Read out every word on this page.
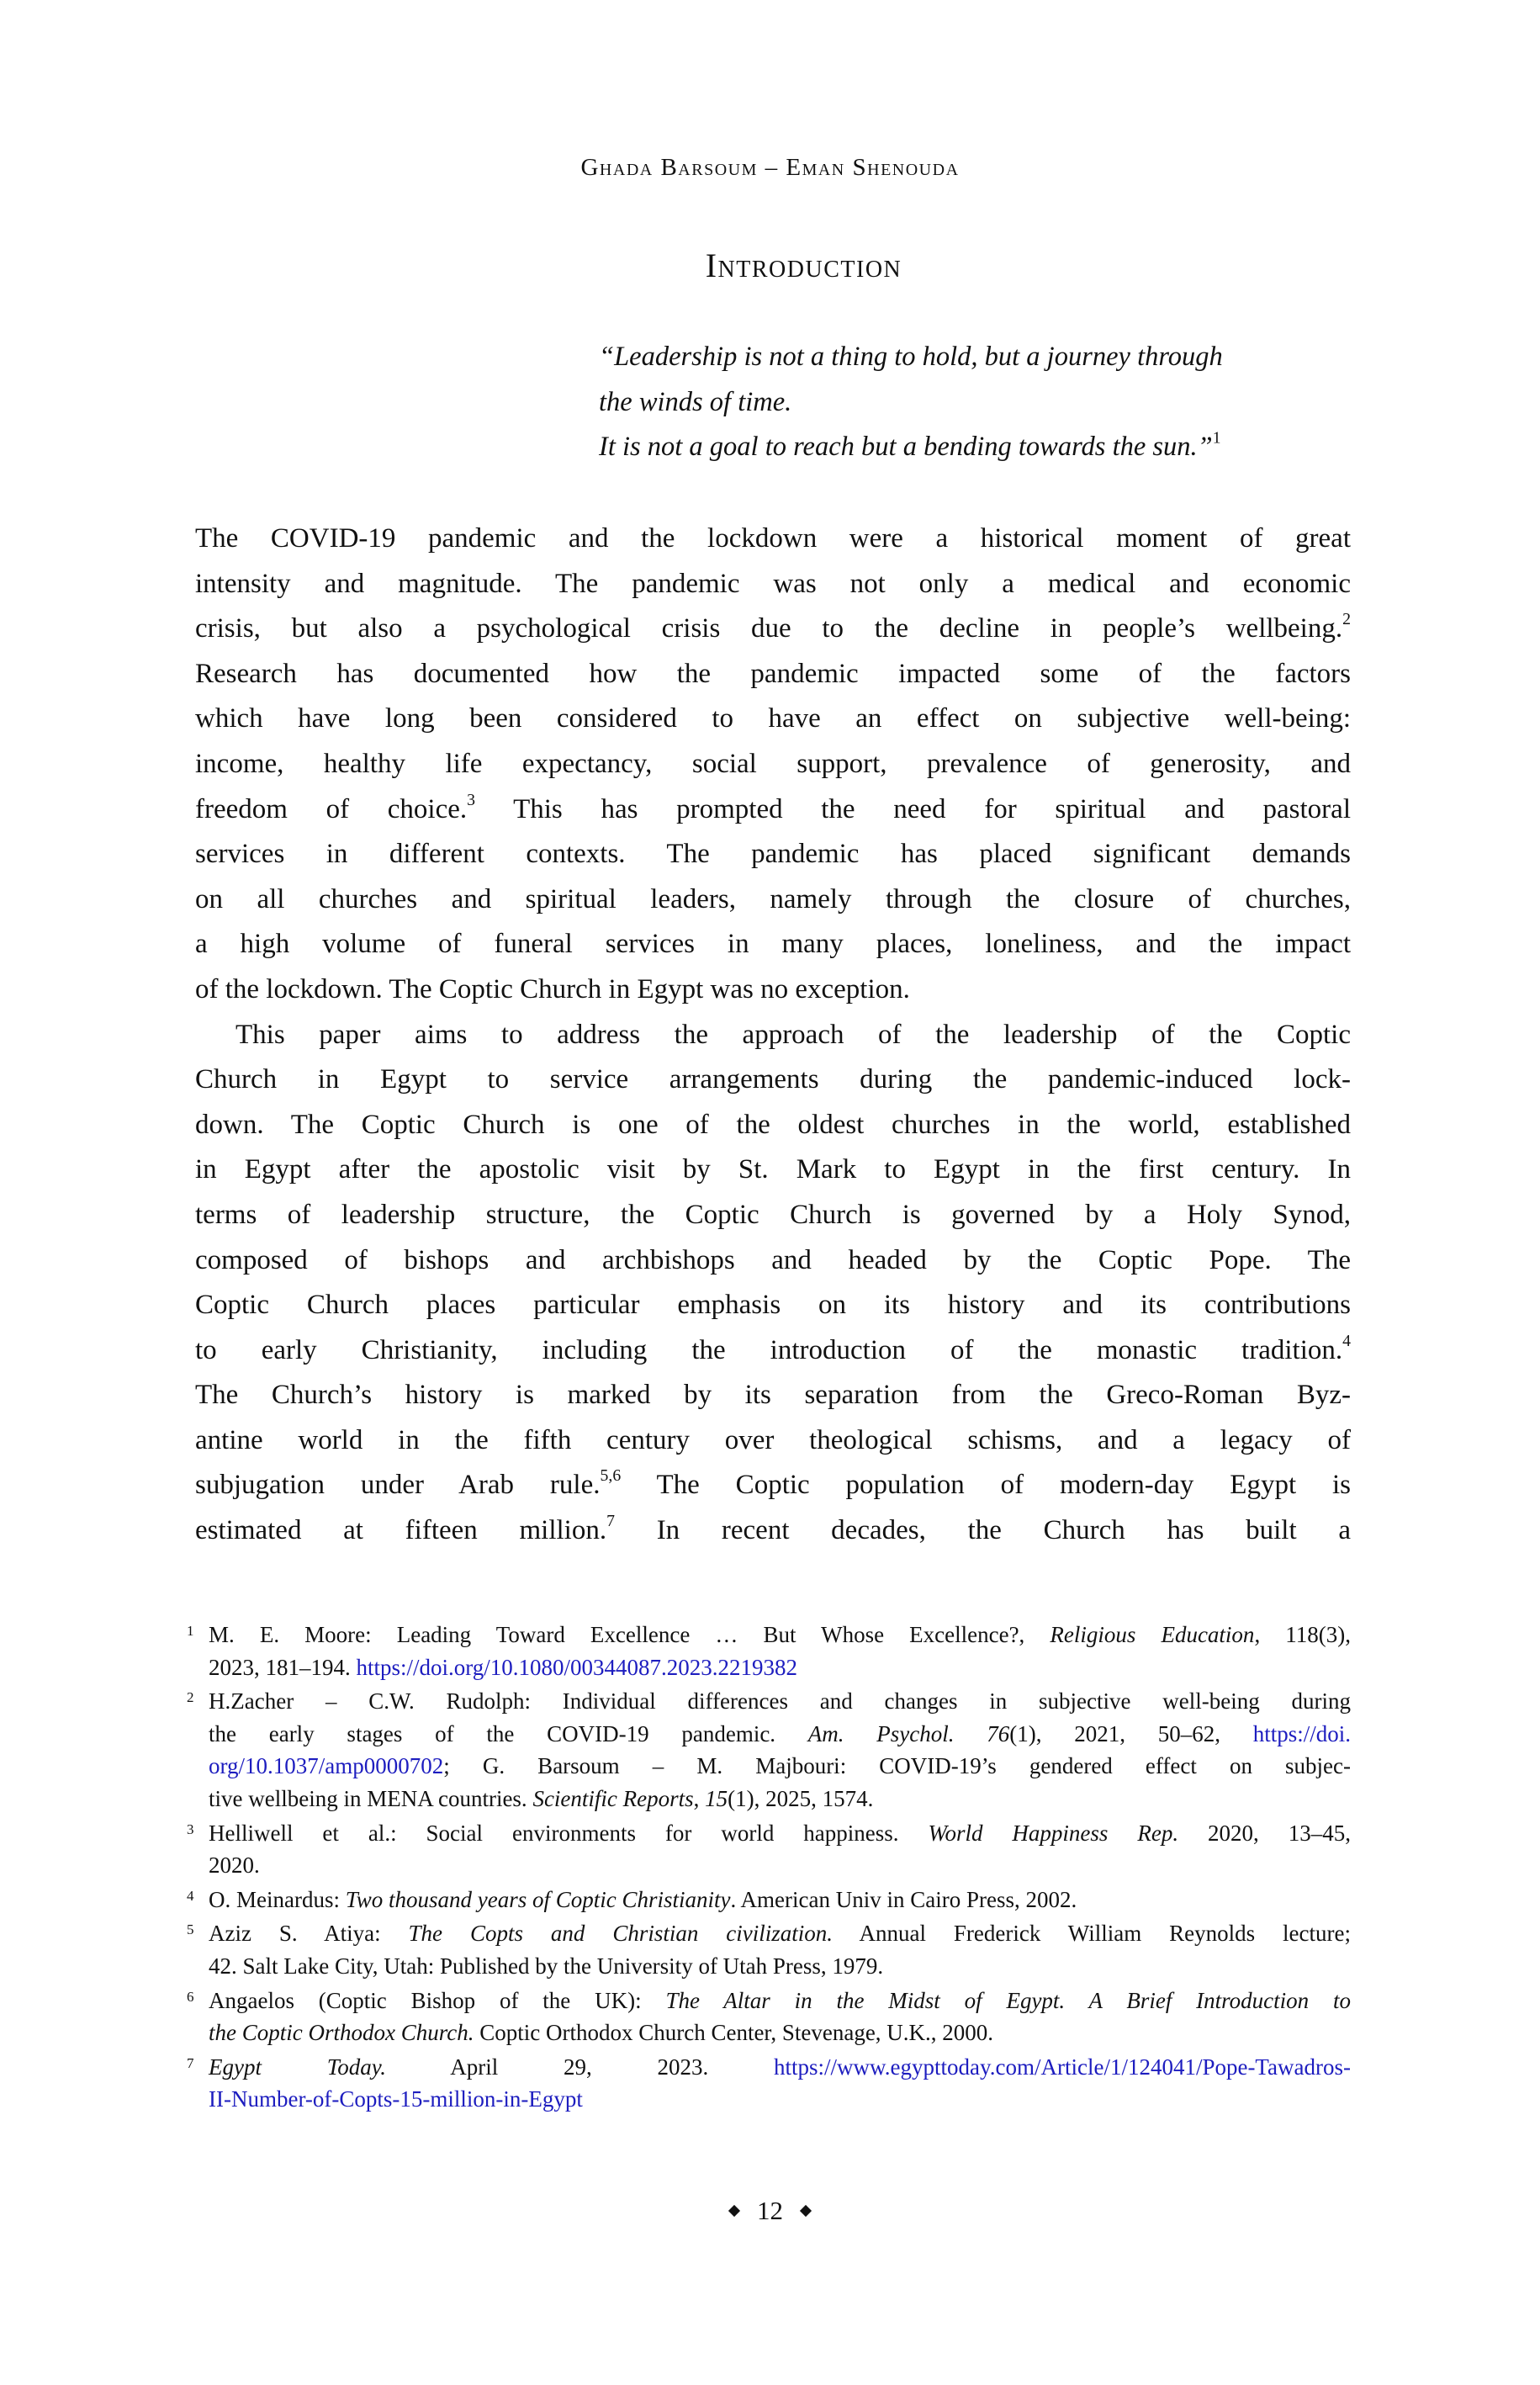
Ghada Barsoum – Eman Shenouda
Introduction
“Leadership is not a thing to hold, but a journey through
the winds of time.
It is not a goal to reach but a bending towards the sun.”$^1$

The COVID-19 pandemic and the lockdown were a historical moment of great
intensity and magnitude. The pandemic was not only a medical and economic
crisis, but also a psychological crisis due to the decline in people’s wellbeing.$^2$
Research has documented how the pandemic impacted some of the factors
which have long been considered to have an effect on subjective well-being:
income, healthy life expectancy, social support, prevalence of generosity, and
freedom of choice.$^3$ This has prompted the need for spiritual and pastoral
services in different contexts. The pandemic has placed significant demands
on all churches and spiritual leaders, namely through the closure of churches,
a high volume of funeral services in many places, loneliness, and the impact
of the lockdown. The Coptic Church in Egypt was no exception.

This paper aims to address the approach of the leadership of the Coptic
Church in Egypt to service arrangements during the pandemic-induced lock-
down. The Coptic Church is one of the oldest churches in the world, established
in Egypt after the apostolic visit by St. Mark to Egypt in the first century. In
terms of leadership structure, the Coptic Church is governed by a Holy Synod,
composed of bishops and archbishops and headed by the Coptic Pope. The
Coptic Church places particular emphasis on its history and its contributions
to early Christianity, including the introduction of the monastic tradition.$^4$
The Church’s history is marked by its separation from the Greco-Roman Byz-
antine world in the fifth century over theological schisms, and a legacy of
subjugation under Arab rule.$^{5,6}$ The Coptic population of modern-day Egypt is
estimated at fifteen million.$^7$ In recent decades, the Church has built a

1 M. E. Moore: Leading Toward Excellence … But Whose Excellence?, Religious Education, 118(3),
2023, 181–194. https://doi.org/10.1080/00344087.2023.2219382
2 H.Zacher – C.W. Rudolph: Individual differences and changes in subjective well-being during
the early stages of the COVID-19 pandemic. Am. Psychol. 76(1), 2021, 50–62, https://doi.
org/10.1037/amp0000702; G. Barsoum – M. Majbouri: COVID-19’s gendered effect on subjec-
tive wellbeing in MENA countries. Scientific Reports, 15(1), 2025, 1574.
3 Helliwell et al.: Social environments for world happiness. World Happiness Rep. 2020, 13–45,
2020.
4 O. Meinardus: Two thousand years of Coptic Christianity. American Univ in Cairo Press, 2002.
5 Aziz S. Atiya: The Copts and Christian civilization. Annual Frederick William Reynolds lecture;
42. Salt Lake City, Utah: Published by the University of Utah Press, 1979.
6 Angaelos (Coptic Bishop of the UK): The Altar in the Midst of Egypt. A Brief Introduction to
the Coptic Orthodox Church. Coptic Orthodox Church Center, Stevenage, U.K., 2000.
7 Egypt Today. April 29, 2023. https://www.egypttoday.com/Article/1/124041/Pope-Tawadros-
II-Number-of-Copts-15-million-in-Egypt
12
